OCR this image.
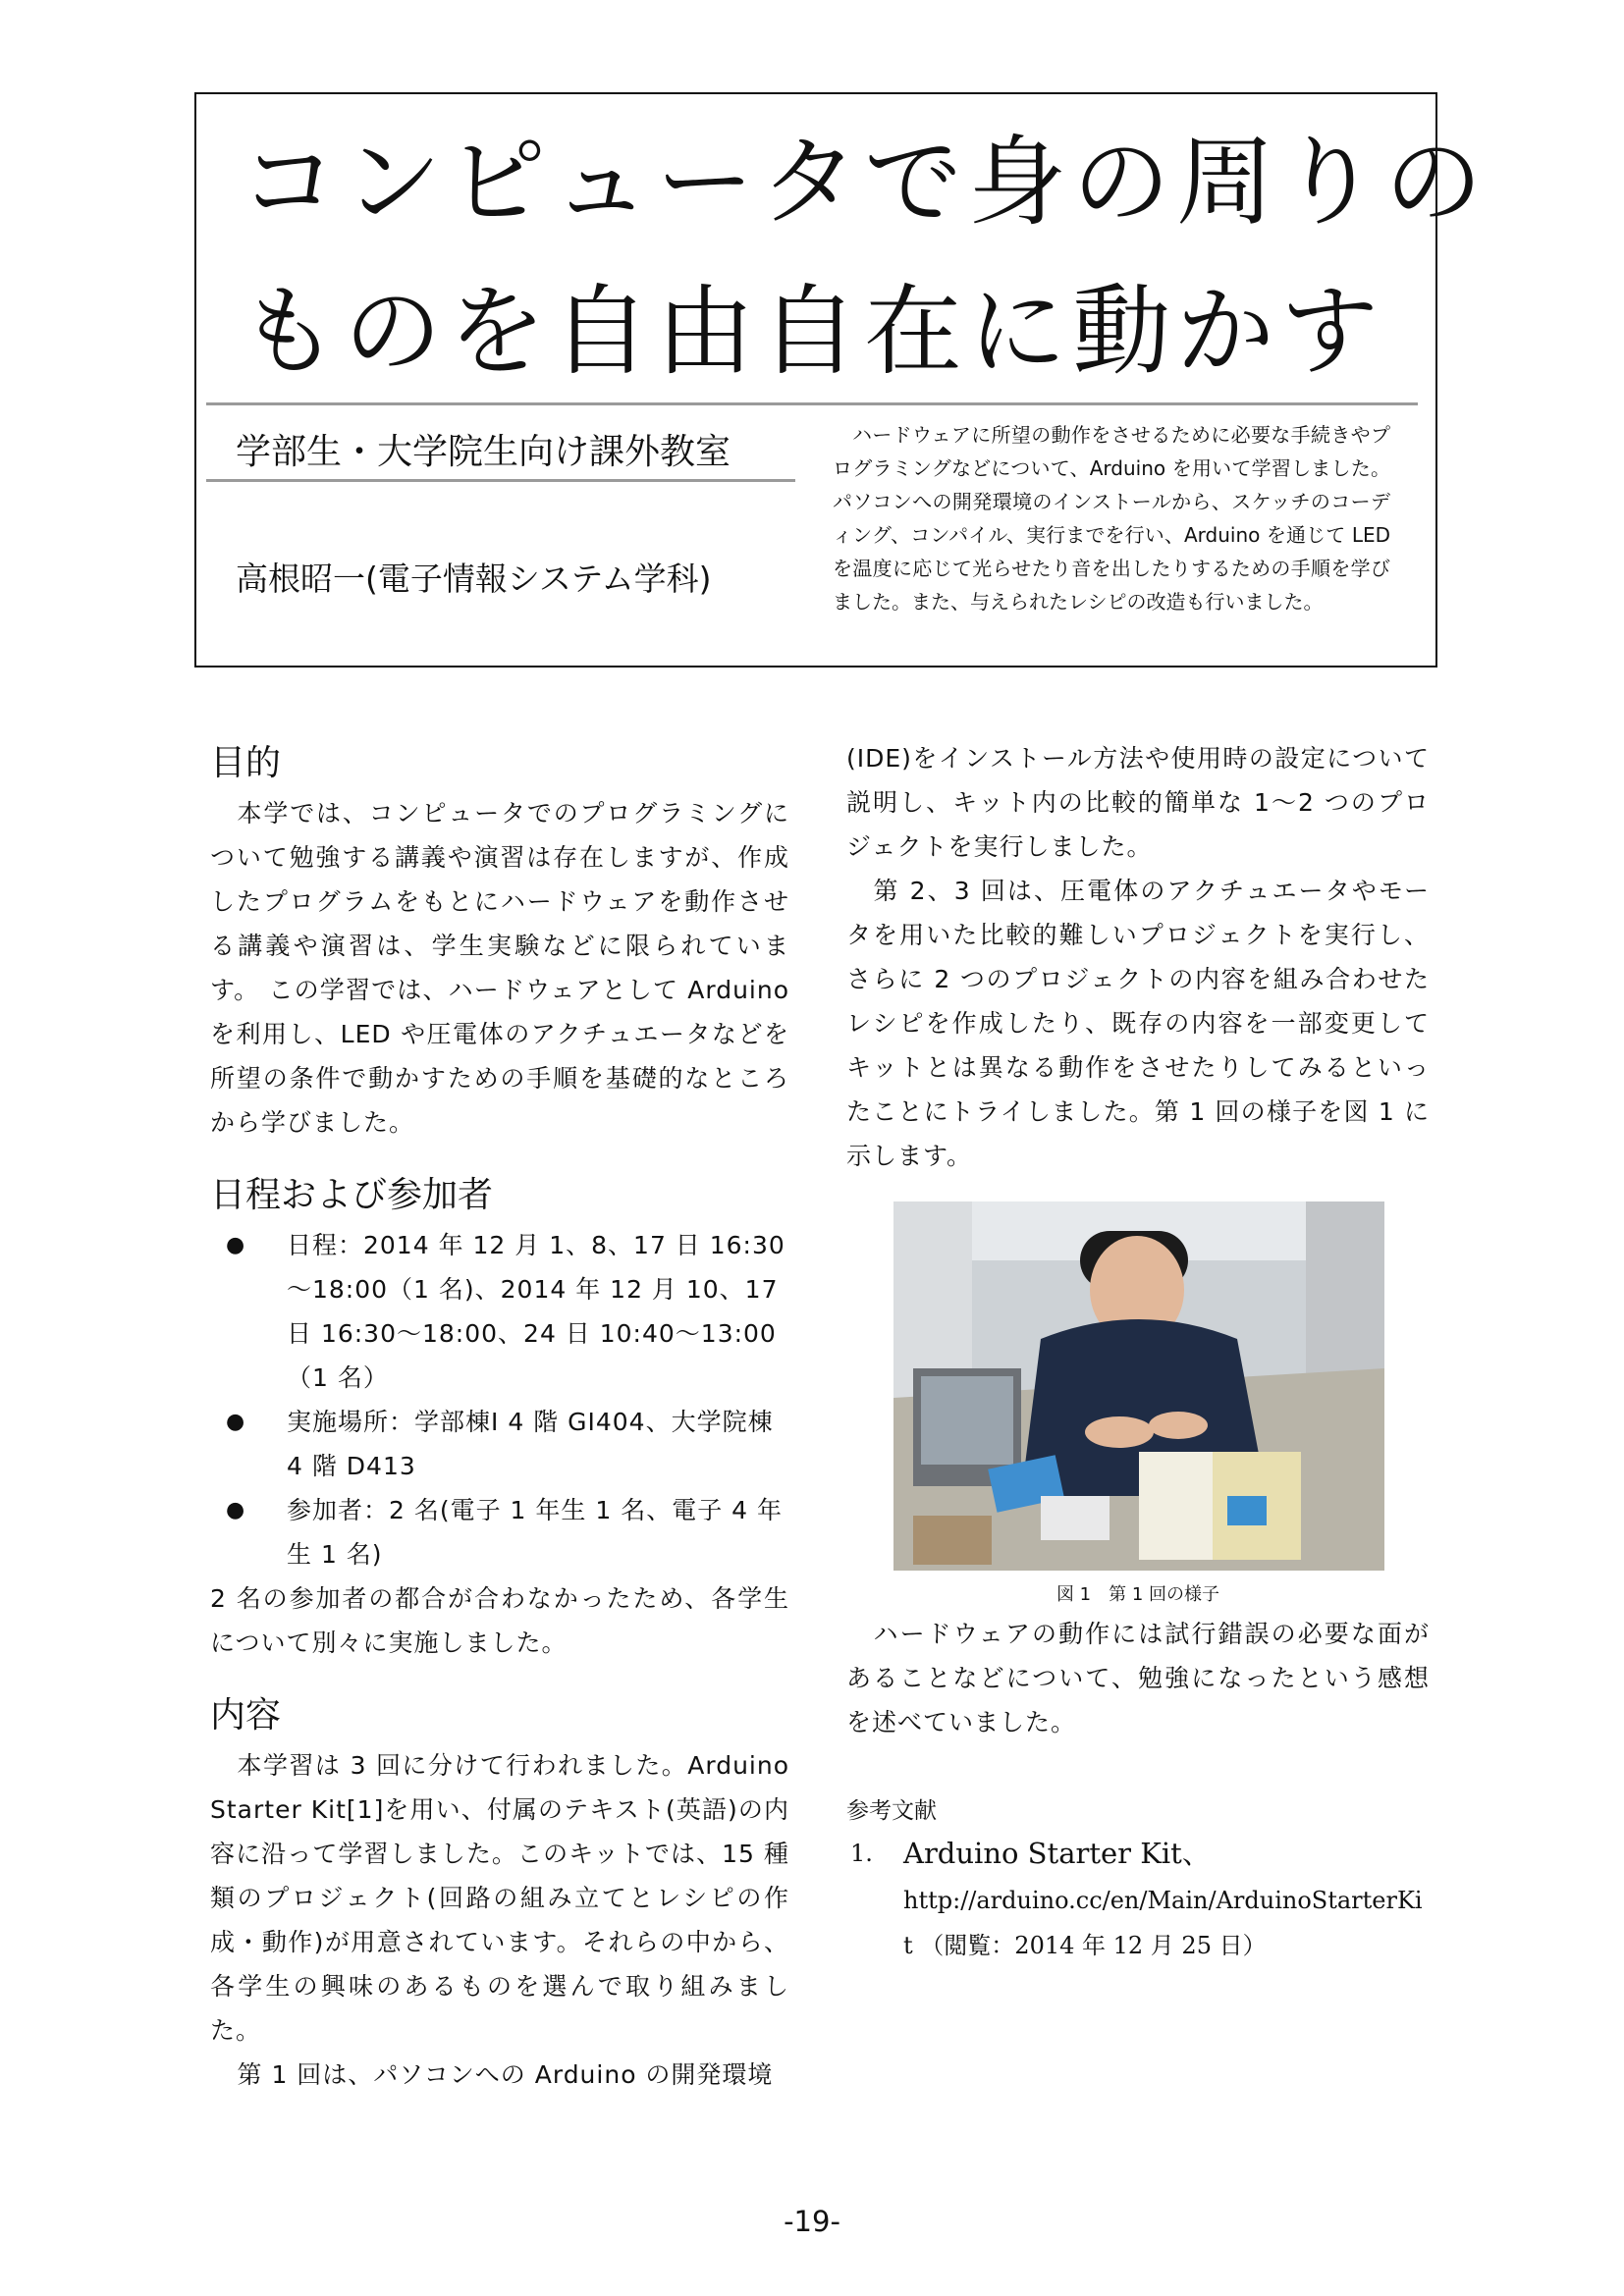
コンピュータで身の周りの
ものを自由自在に動かす
学部生・大学院生向け課外教室
高根昭一(電子情報システム学科)

ハードウェアに所望の動作をさせるために必要な手続きやプログラミングなどについて、Arduino を用いて学習しました。パソコンへの開発環境のインストールから、スケッチのコーディング、コンパイル、実行までを行い、Arduino を通じて LED を温度に応じて光らせたり音を出したりするための手順を学びました。また、与えられたレシピの改造も行いました。

目的

本学では、コンピュータでのプログラミングについて勉強する講義や演習は存在しますが、作成したプログラムをもとにハードウェアを動作させる講義や演習は、学生実験などに限られています。 この学習では、ハードウェアとして Arduino を利用し、LED や圧電体のアクチュエータなどを所望の条件で動かすための手順を基礎的なところから学びました。

日程および参加者
● 日程：2014 年 12 月 1、8、17 日 16:30～18:00（1 名)、2014 年 12 月 10、17 日 16:30～18:00、24 日 10:40～13:00（1 名）
● 実施場所：学部棟Ⅰ 4 階 GI404、大学院棟 4 階 D413
● 参加者：2 名(電子 1 年生 1 名、電子 4 年生 1 名)

2 名の参加者の都合が合わなかったため、各学生について別々に実施しました。

内容

本学習は 3 回に分けて行われました。Arduino Starter Kit[1]を用い、付属のテキスト(英語)の内容に沿って学習しました。このキットでは、15 種類のプロジェクト(回路の組み立てとレシピの作成・動作)が用意されています。それらの中から、各学生の興味のあるものを選んで取り組みました。

第 1 回は、パソコンへの Arduino の開発環境

(IDE)をインストール方法や使用時の設定について説明し、キット内の比較的簡単な 1～2 つのプロジェクトを実行しました。

第 2、3 回は、圧電体のアクチュエータやモータを用いた比較的難しいプロジェクトを実行し、さらに 2 つのプロジェクトの内容を組み合わせたレシピを作成したり、既存の内容を一部変更してキットとは異なる動作をさせたりしてみるといったことにトライしました。第 1 回の様子を図 1 に示します。

図 1　第 1 回の様子

ハードウェアの動作には試行錯誤の必要な面があることなどについて、勉強になったという感想を述べていました。

参考文献
1. Arduino Starter Kit、
http://arduino.cc/en/Main/ArduinoStarterKit （閲覧：2014 年 12 月 25 日）
-19-
